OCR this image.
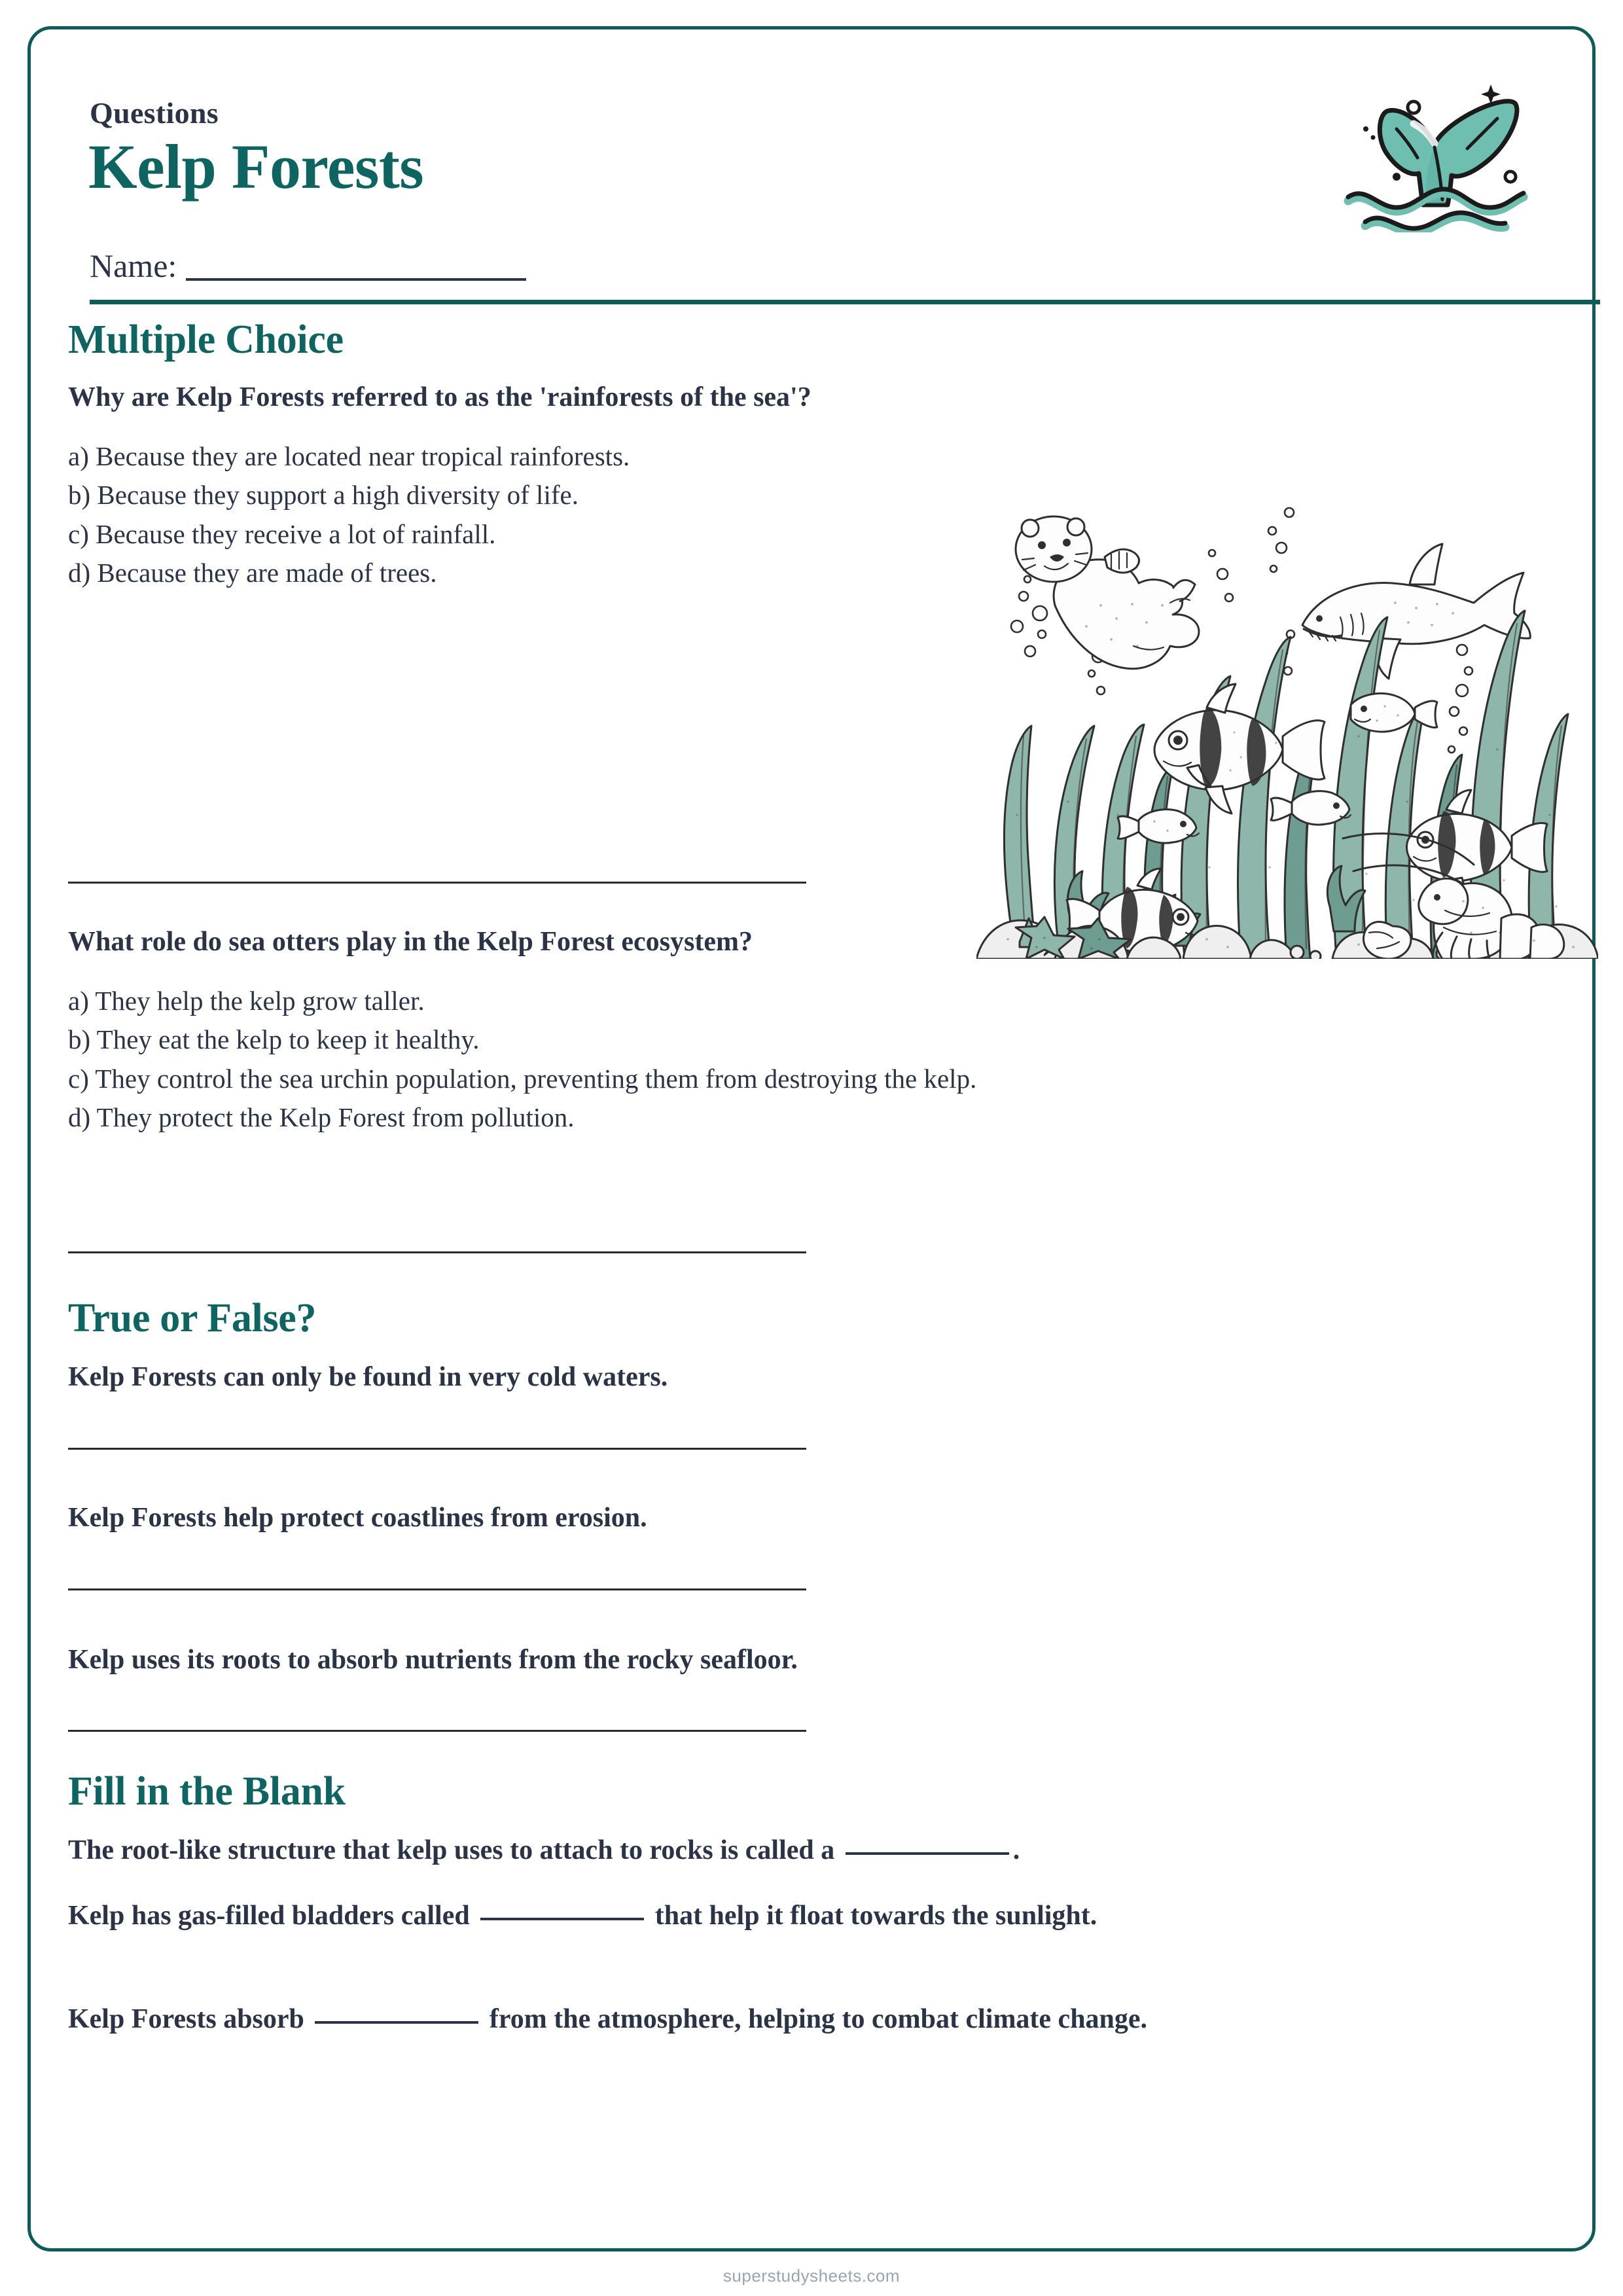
Questions
Kelp Forests
Name:
Multiple Choice
Why are Kelp Forests referred to as the 'rainforests of the sea'?
a) Because they are located near tropical rainforests.
b) Because they support a high diversity of life.
c) Because they receive a lot of rainfall.
d) Because they are made of trees.
What role do sea otters play in the Kelp Forest ecosystem?
a) They help the kelp grow taller.
b) They eat the kelp to keep it healthy.
c) They control the sea urchin population, preventing them from destroying the kelp.
d) They protect the Kelp Forest from pollution.
True or False?
Kelp Forests can only be found in very cold waters.
Kelp Forests help protect coastlines from erosion.
Kelp uses its roots to absorb nutrients from the rocky seafloor.
Fill in the Blank
The root-like structure that kelp uses to attach to rocks is called a	.
Kelp has gas-filled bladders called	that help it float towards the sunlight.
Kelp Forests absorb	from the atmosphere, helping to combat climate change.
superstudysheets.com
